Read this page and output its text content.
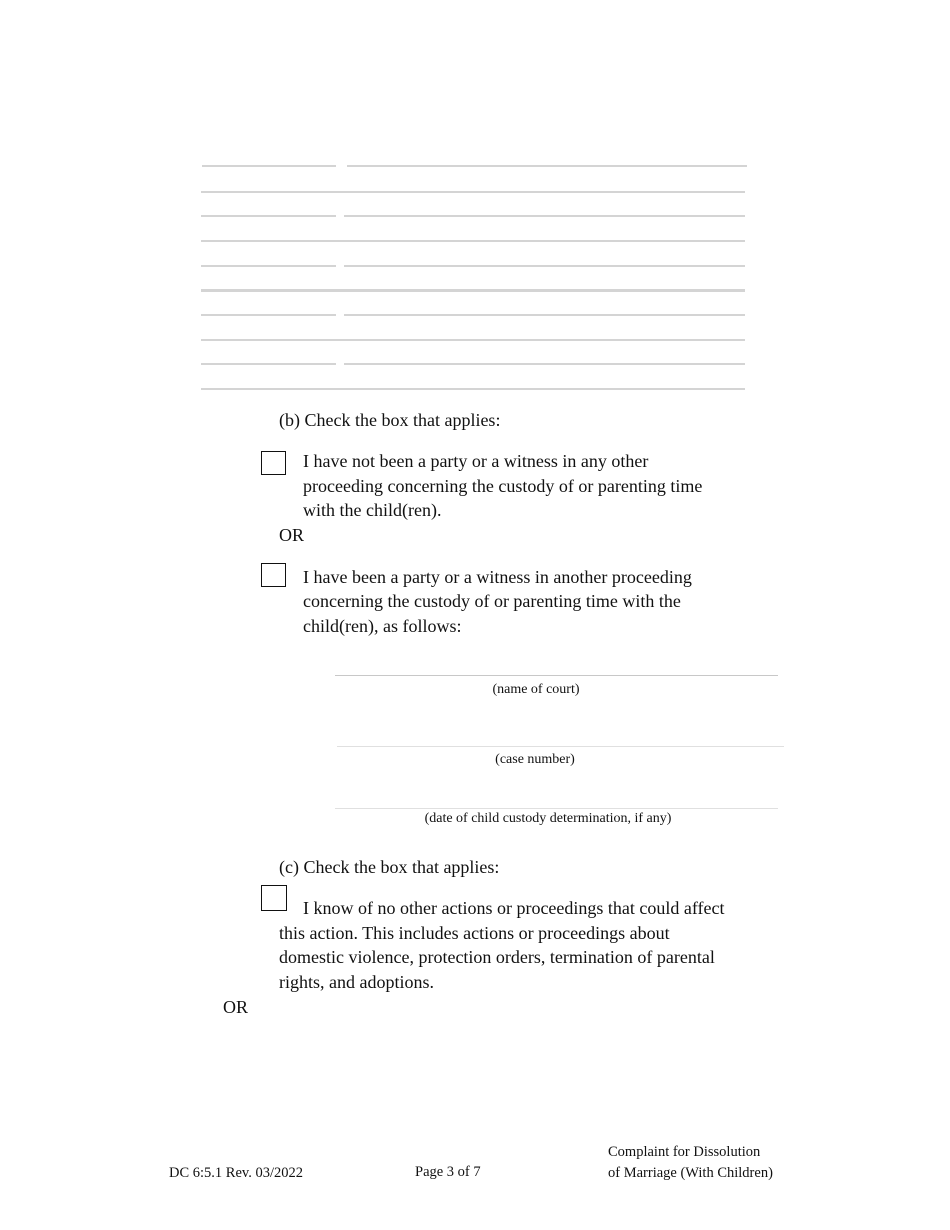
(b) Check the box that applies:
I have not been a party or a witness in any other
proceeding concerning the custody of or parenting time
with the child(ren).
OR
I have been a party or a witness in another proceeding
concerning the custody of or parenting time with the
child(ren), as follows:
(name of court)
(case number)
(date of child custody determination, if any)
(c) Check the box that applies:
I know of no other actions or proceedings that could affect
this action. This includes actions or proceedings about
domestic violence, protection orders, termination of parental
rights, and adoptions.
OR
DC 6:5.1 Rev. 03/2022	Page 3 of 7
Complaint for Dissolution
of Marriage (With Children)
